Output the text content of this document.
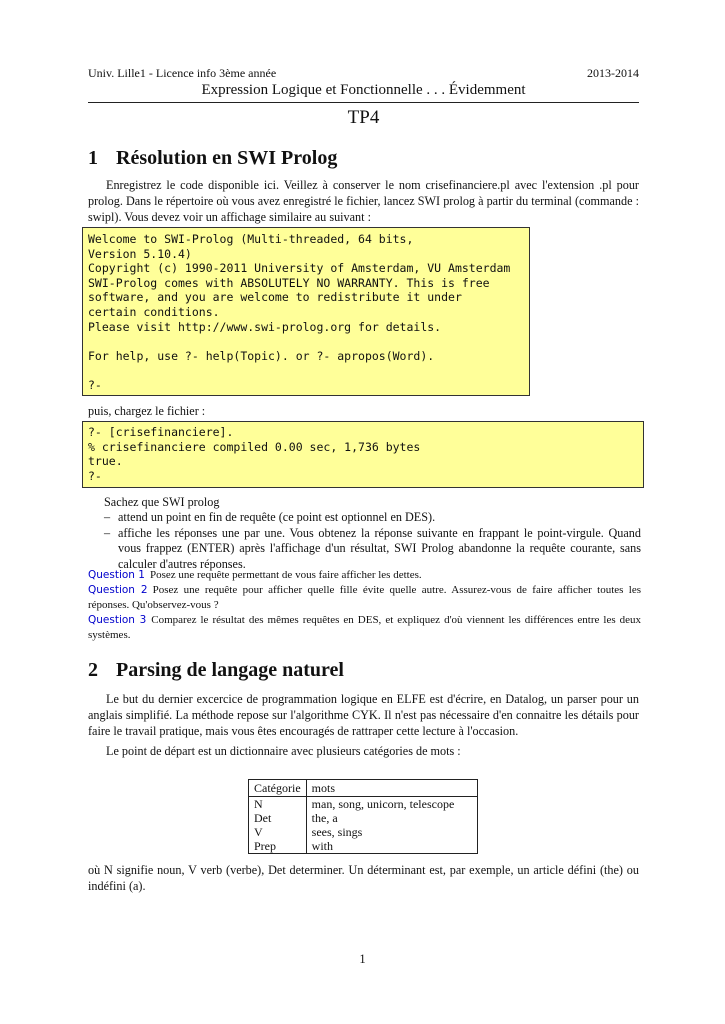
Univ. Lille1 - Licence info 3ème année	2013-2014
Expression Logique et Fonctionnelle . . . Évidemment
TP4
1 Résolution en SWI Prolog
Enregistrez le code disponible ici. Veillez à conserver le nom crisefinanciere.pl avec l'extension .pl pour prolog. Dans le répertoire où vous avez enregistré le fichier, lancez SWI prolog à partir du terminal (commande : swipl). Vous devez voir un affichage similaire au suivant :
Welcome to SWI-Prolog (Multi-threaded, 64 bits,
Version 5.10.4)
Copyright (c) 1990-2011 University of Amsterdam, VU Amsterdam
SWI-Prolog comes with ABSOLUTELY NO WARRANTY. This is free
software, and you are welcome to redistribute it under
certain conditions.
Please visit http://www.swi-prolog.org for details.

For help, use ?- help(Topic). or ?- apropos(Word).

?-
puis, chargez le fichier :
?- [crisefinanciere].
% crisefinanciere compiled 0.00 sec, 1,736 bytes
true.
?-
Sachez que SWI prolog
– attend un point en fin de requête (ce point est optionnel en DES).
– affiche les réponses une par une. Vous obtenez la réponse suivante en frappant le point-virgule. Quand vous frappez (ENTER) après l'affichage d'un résultat, SWI Prolog abandonne la requête courante, sans calculer d'autres réponses.
Question 1 Posez une requête permettant de vous faire afficher les dettes.
Question 2 Posez une requête pour afficher quelle fille évite quelle autre. Assurez-vous de faire afficher toutes les réponses. Qu'observez-vous ?
Question 3 Comparez le résultat des mêmes requêtes en DES, et expliquez d'où viennent les différences entre les deux systèmes.
2 Parsing de langage naturel
Le but du dernier excercice de programmation logique en ELFE est d'écrire, en Datalog, un parser pour un anglais simplifié. La méthode repose sur l'algorithme CYK. Il n'est pas nécessaire d'en connaitre les détails pour faire le travail pratique, mais vous êtes encouragés de rattraper cette lecture à l'occasion.
Le point de départ est un dictionnaire avec plusieurs catégories de mots :
Catégorie	mots
N	man, song, unicorn, telescope
Det	the, a
V	sees, sings
Prep	with
où N signifie noun, V verb (verbe), Det determiner. Un déterminant est, par exemple, un article défini (the) ou indéfini (a).
1
